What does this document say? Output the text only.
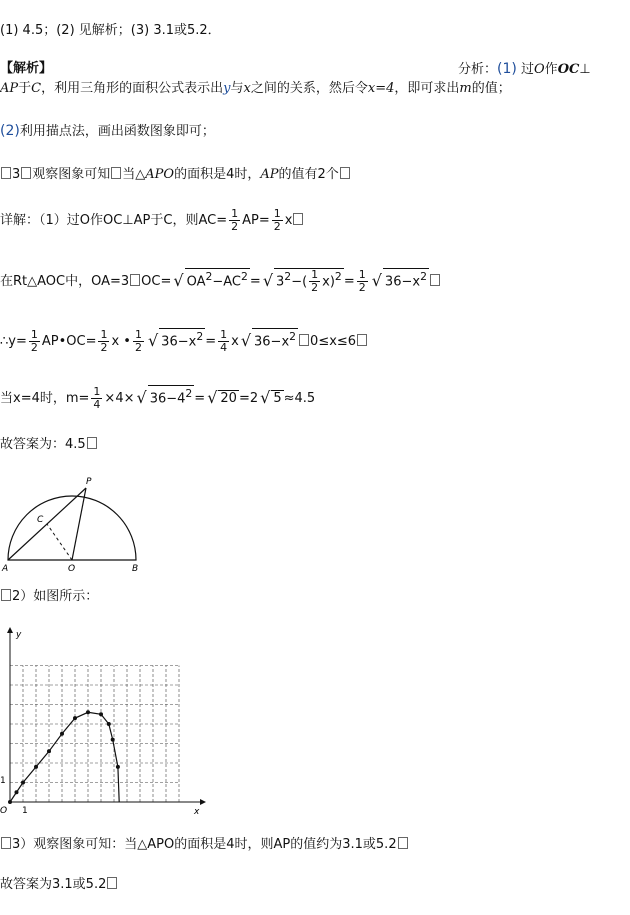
(1) 4.5；(2) 见解析；(3) 3.1或5.2．
【解析】	分析：(1) 过O作OC⊥
AP于C，利用三角形的面积公式表示出y与x之间的关系，然后令x=4，即可求出m的值；
(2)利用描点法，画出函数图象即可；
3 观察图象可知 当△APO的面积是4时，AP的值有2个
详解：（1）过O作OC⊥AP于C，则$AC= \frac{1}{2} AP= \frac{1}{2}$ x
在Rt△AOC中，OA=3 OC= √ $OA^2-AC^2$ = √ $3^2-( \frac{1}{2} x)^2 = \frac{1}{2}$ √ $36-x^2$
∴y= $\frac{1}{2}$ AP•OC= $\frac{1}{2}$ x • $\frac{1}{2}$ √ $36-x^2 = \frac{1}{4}$ x √ $36-x^2$ 0≤x≤6
当x=4时，$m= \frac{1}{4} \times 4\times$ √ $36-4^2$ = √ 20 =2 √ 5 ≈4.5
故答案为：4.5
A	O	B
P
C
2）如图所示：
y
x
O 1
1
3）观察图象可知：当△APO的面积是4时，则AP的值约为3.1或5.2
故答案为3.1或5.2
